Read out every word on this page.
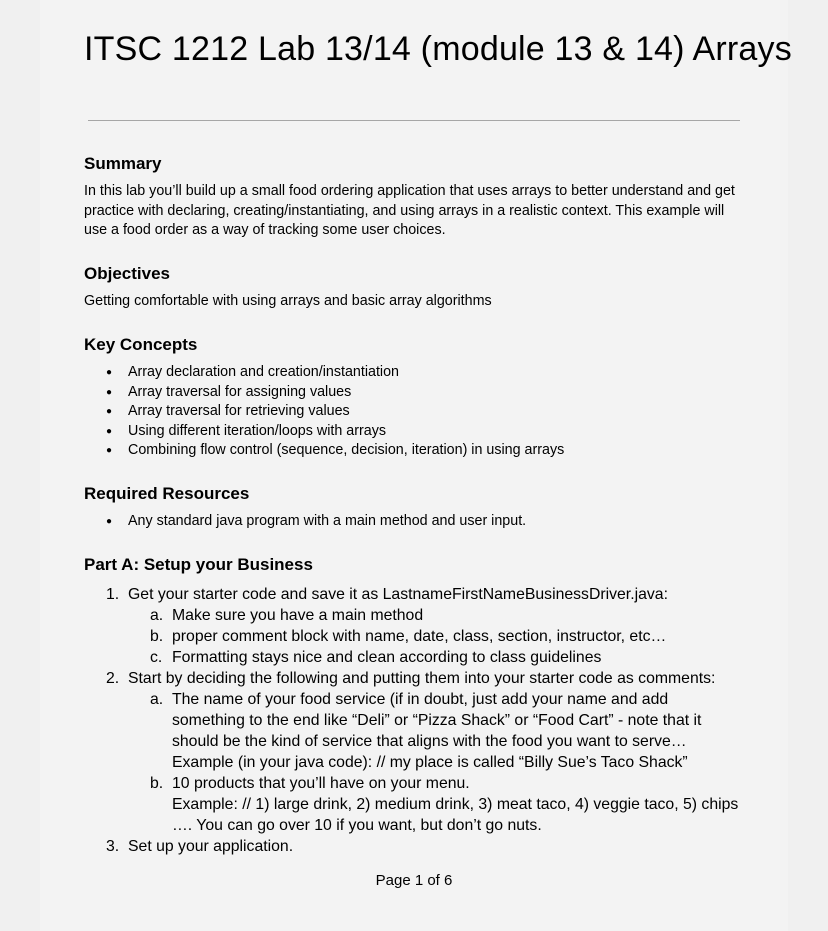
ITSC 1212 Lab 13/14 (module 13 & 14) Arrays
Summary

In this lab you’ll build up a small food ordering application that uses arrays to better understand and get practice with declaring, creating/instantiating, and using arrays in a realistic context. This example will use a food order as a way of tracking some user choices.

Objectives

Getting comfortable with using arrays and basic array algorithms

Key Concepts
● Array declaration and creation/instantiation
● Array traversal for assigning values
● Array traversal for retrieving values
● Using different iteration/loops with arrays
● Combining flow control (sequence, decision, iteration) in using arrays
Required Resources
● Any standard java program with a main method and user input.
Part A: Setup your Business
1. Get your starter code and save it as LastnameFirstNameBusinessDriver.java:
a. Make sure you have a main method
b. proper comment block with name, date, class, section, instructor, etc…
c. Formatting stays nice and clean according to class guidelines
2. Start by deciding the following and putting them into your starter code as comments:
a. The name of your food service (if in doubt, just add your name and add
something to the end like “Deli” or “Pizza Shack” or “Food Cart” - note that it
should be the kind of service that aligns with the food you want to serve…
Example (in your java code): // my place is called “Billy Sue’s Taco Shack”
b. 10 products that you’ll have on your menu.
Example: // 1) large drink, 2) medium drink, 3) meat taco, 4) veggie taco, 5) chips
…. You can go over 10 if you want, but don’t go nuts.
3. Set up your application.
Page 1 of 6
